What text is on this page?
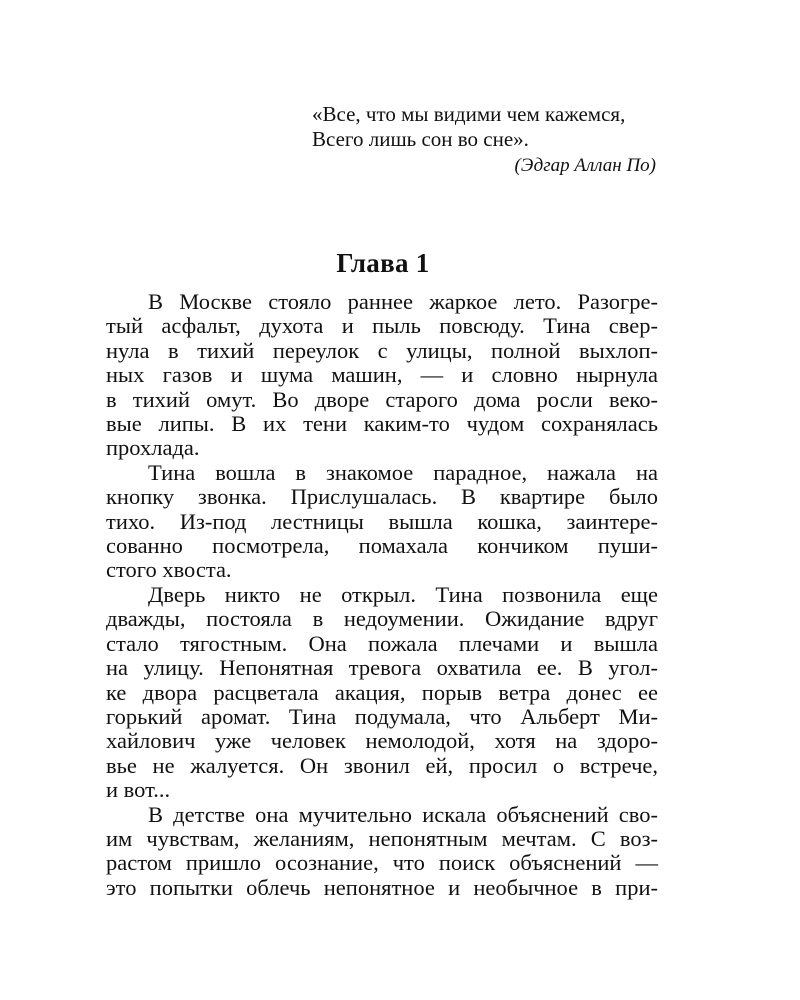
«Все, что мы видими чем кажемся,
Всего лишь сон во сне».
(Эдгар Аллан По)
Глава 1

В Москве стояло раннее жаркое лето. Разогре-
тый асфальт, духота и пыль повсюду. Тина свер-
нула в тихий переулок с улицы, полной выхлоп-
ных газов и шума машин, — и словно нырнула
в тихий омут. Во дворе старого дома росли веко-
вые липы. В их тени каким-то чудом сохранялась
прохлада.

Тина вошла в знакомое парадное, нажала на
кнопку звонка. Прислушалась. В квартире было
тихо. Из-под лестницы вышла кошка, заинтере-
сованно посмотрела, помахала кончиком пуши-
стого хвоста.

Дверь никто не открыл. Тина позвонила еще
дважды, постояла в недоумении. Ожидание вдруг
стало тягостным. Она пожала плечами и вышла
на улицу. Непонятная тревога охватила ее. В угол-
ке двора расцветала акация, порыв ветра донес ее
горький аромат. Тина подумала, что Альберт Ми-
хайлович уже человек немолодой, хотя на здоро-
вье не жалуется. Он звонил ей, просил о встрече,
и вот...

В детстве она мучительно искала объяснений сво-
им чувствам, желаниям, непонятным мечтам. С воз-
растом пришло осознание, что поиск объяснений —
это попытки облечь непонятное и необычное в при-
